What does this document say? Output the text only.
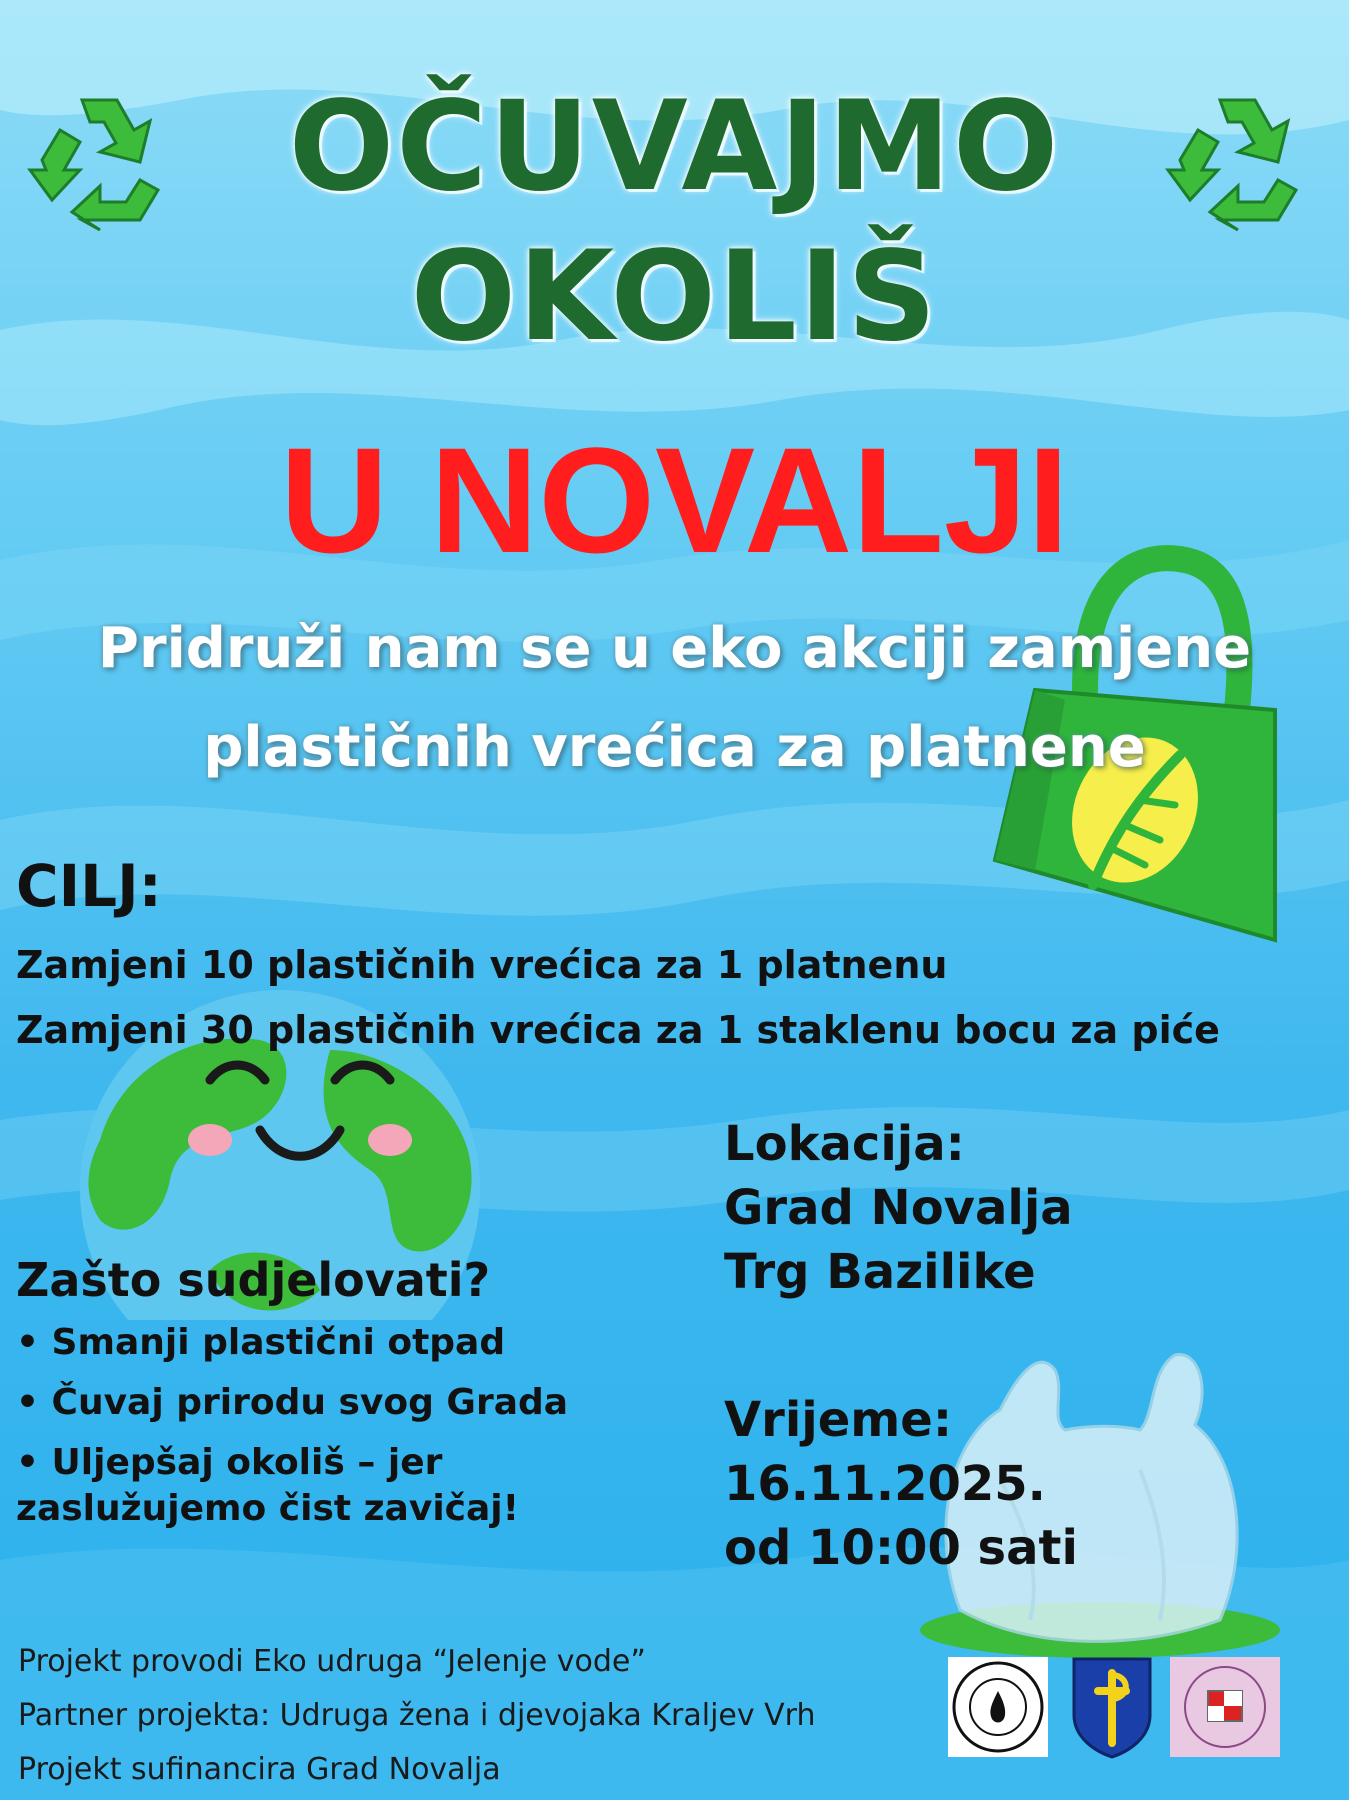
OČUVAJMO
OKOLIŠ
U NOVALJI
Pridruži nam se u eko akciji zamjene
plastičnih vrećica za platnene
CILJ:
Zamjeni 10 plastičnih vrećica za 1 platnenu
Zamjeni 30 plastičnih vrećica za 1 staklenu bocu za piće
Zašto sudjelovati?
• Smanji plastični otpad
• Čuvaj prirodu svog Grada
• Uljepšaj okoliš – jer zaslužujemo čist zavičaj!
Lokacija:
Grad Novalja
Trg Bazilike
Vrijeme:
16.11.2025.
od 10:00 sati
Projekt provodi Eko udruga “Jelenje vode”
Partner projekta: Udruga žena i djevojaka Kraljev Vrh
Projekt sufinancira Grad Novalja
